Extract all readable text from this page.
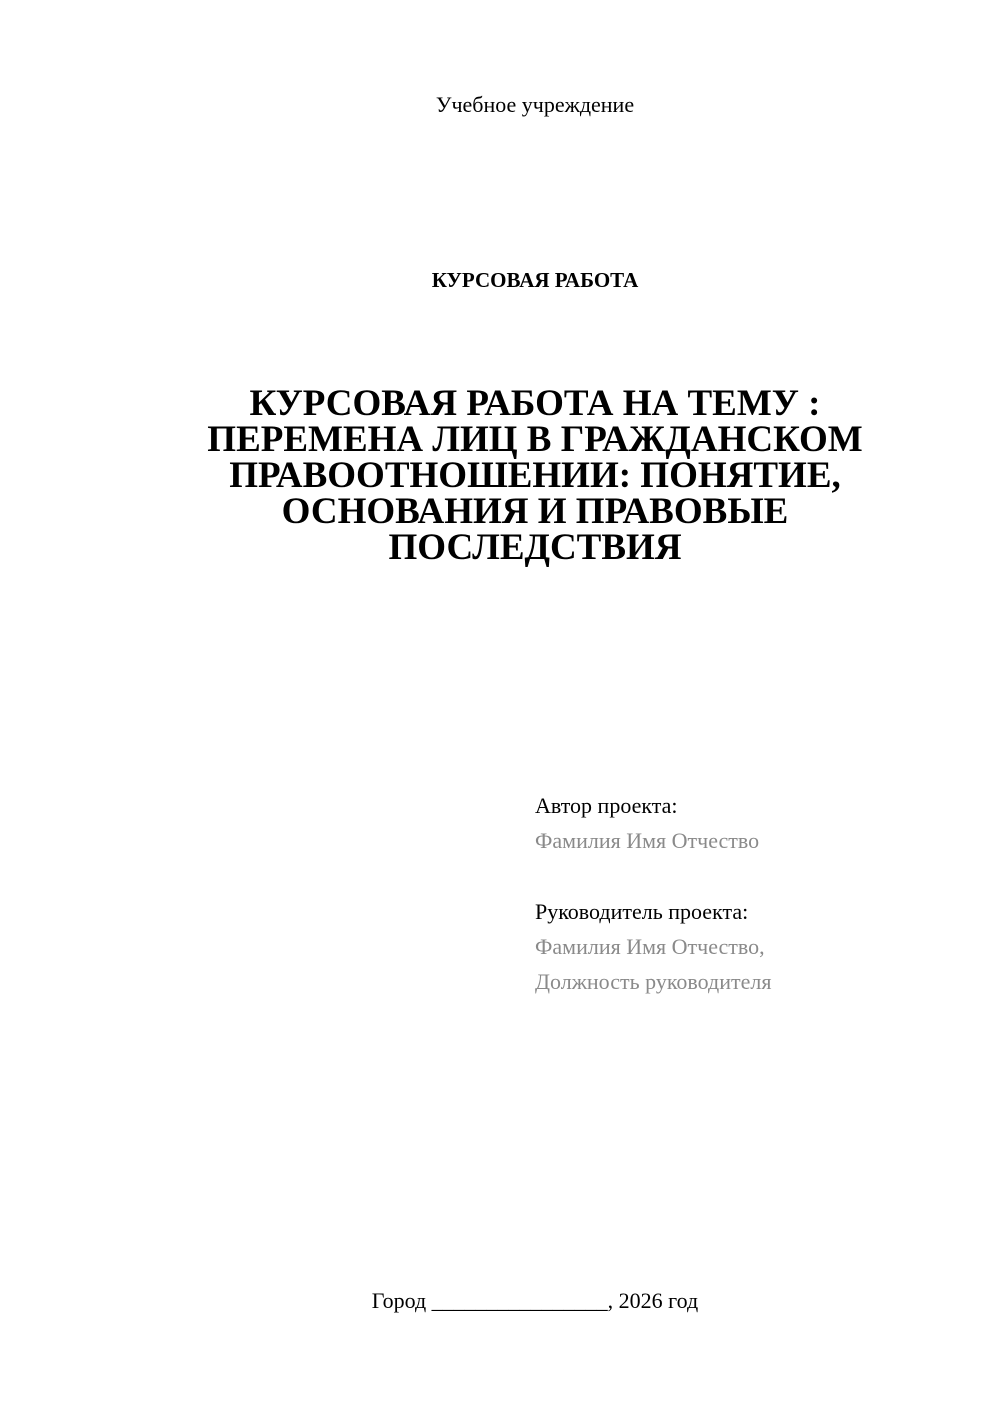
Учебное учреждение
КУРСОВАЯ РАБОТА
КУРСОВАЯ РАБОТА НА ТЕМУ :
ПЕРЕМЕНА ЛИЦ В ГРАЖДАНСКОМ
ПРАВООТНОШЕНИИ: ПОНЯТИЕ,
ОСНОВАНИЯ И ПРАВОВЫЕ
ПОСЛЕДСТВИЯ
Автор проекта:
Фамилия Имя Отчество
Руководитель проекта:
Фамилия Имя Отчество,
Должность руководителя
Город ________________, 2026 год
